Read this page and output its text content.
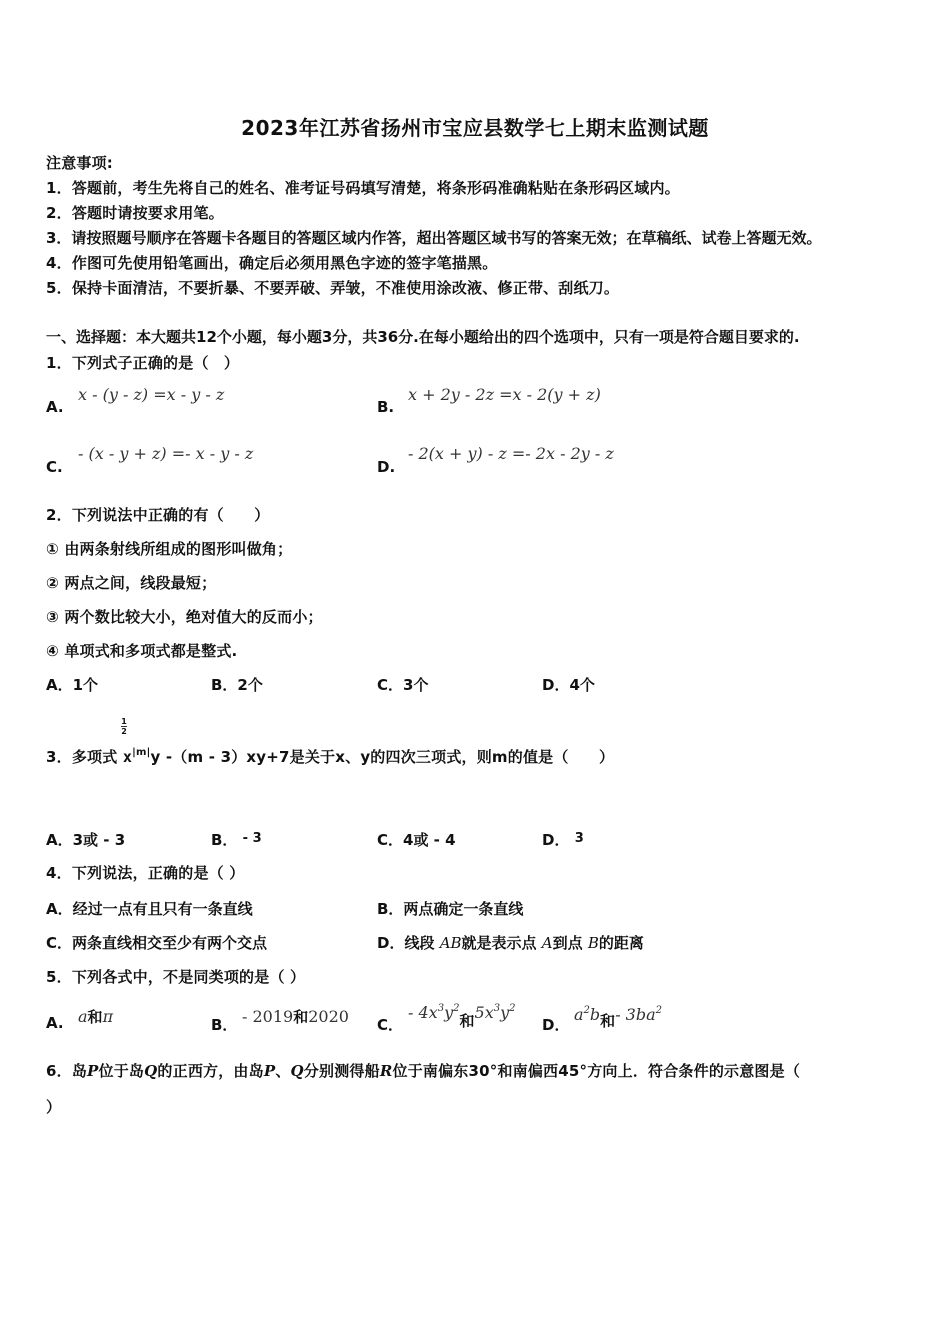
2023年江苏省扬州市宝应县数学七上期末监测试题
注意事项:
1．答题前，考生先将自己的姓名、准考证号码填写清楚，将条形码准确粘贴在条形码区域内。
2．答题时请按要求用笔。
3．请按照题号顺序在答题卡各题目的答题区域内作答，超出答题区域书写的答案无效；在草稿纸、试卷上答题无效。
4．作图可先使用铅笔画出，确定后必须用黑色字迹的签字笔描黑。
5．保持卡面清洁，不要折暴、不要弄破、弄皱，不准使用涂改液、修正带、刮纸刀。
一、选择题：本大题共12个小题，每小题3分，共36分.在每小题给出的四个选项中，只有一项是符合题目要求的.
1．下列式子正确的是（　）
A.
x - (y - z) =x - y - z
B.
x + 2y - 2z =x - 2(y + z)
C.
- (x - y + z) =- x - y - z
D.
- 2(x + y) - z =- 2x - 2y - z
2．下列说法中正确的有（　　）
① 由两条射线所组成的图形叫做角；
② 两点之间，线段最短；
③ 两个数比较大小，绝对值大的反而小；
④ 单项式和多项式都是整式.
A．1个	B．2个	C．3个	D．4个
1
2
3．多项式 $x^{|m|}y$ -（m - 3）xy+7是关于x、y的四次三项式，则m的值是（　　）
A．3或 - 3	B． - 3	C．4或 - 4	D． 3
4．下列说法，正确的是（ ）
A．经过一点有且只有一条直线	B．两点确定一条直线
C．两条直线相交至少有两个交点	D．线段 AB就是表示点 A到点 B的距离
5．下列各式中，不是同类项的是（ ）
A. a和π	B． - 2019和2020 C．
- $4x^3y^2$和$5x^3y^2$
D．
$a^2b$和- $3ba^2$
6．岛P位于岛Q的正西方，由岛P、Q分别测得船R位于南偏东30°和南偏西45°方向上．符合条件的示意图是（
）
